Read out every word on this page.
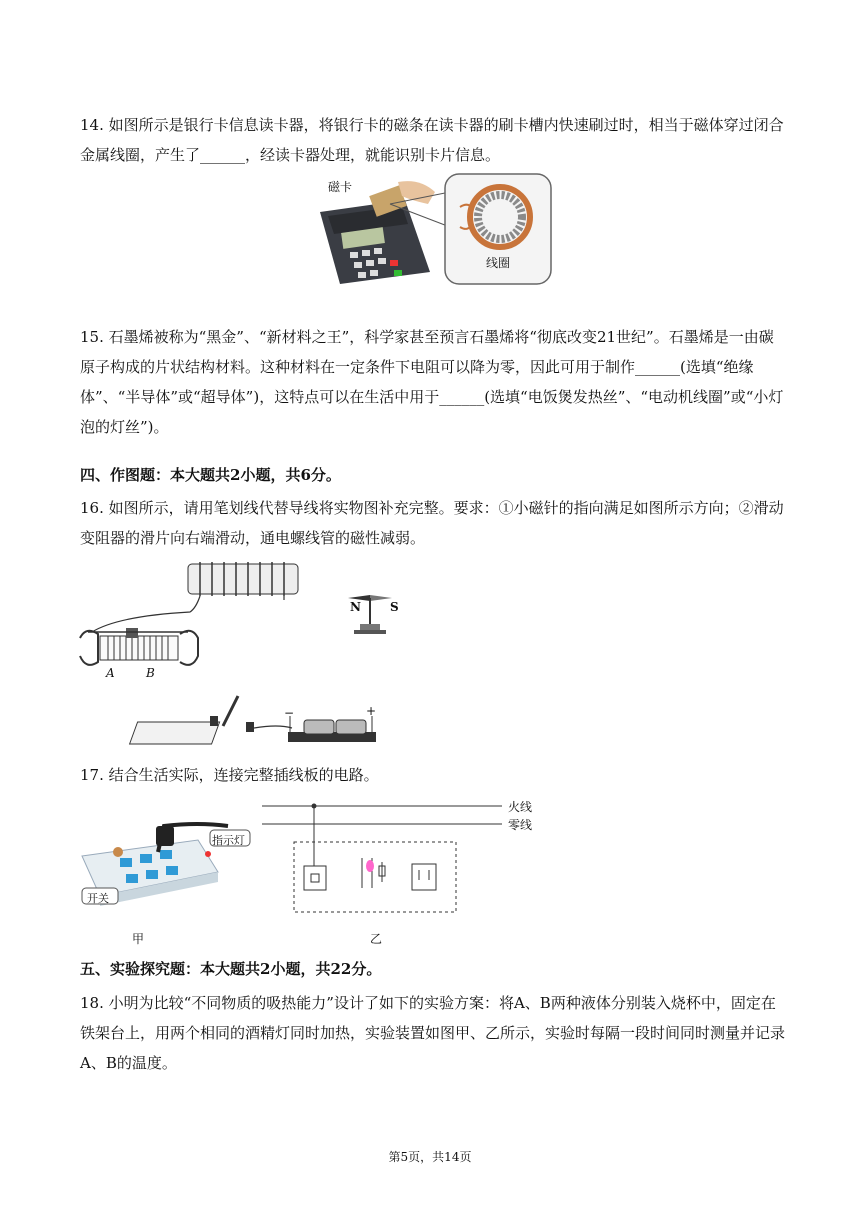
14. 如图所示是银行卡信息读卡器，将银行卡的磁条在读卡器的刷卡槽内快速刷过时，相当于磁体穿过闭合金属线圈，产生了______，经读卡器处理，就能识别卡片信息。

磁卡
线圈

15. 石墨烯被称为“黑金”、“新材料之王”，科学家甚至预言石墨烯将“彻底改变21世纪”。石墨烯是一由碳原子构成的片状结构材料。这种材料在一定条件下电阻可以降为零，因此可用于制作______(选填“绝缘体”、“半导体”或“超导体”)，这特点可以在生活中用于______(选填“电饭煲发热丝”、“电动机线圈”或“小灯泡的灯丝”)。

四、作图题：本大题共2小题，共6分。

16. 如图所示，请用笔划线代替导线将实物图补充完整。要求：①小磁针的指向满足如图所示方向；②滑动变阻器的滑片向右端滑动，通电螺线管的磁性减弱。

N S
A	B
−	+

17. 结合生活实际，连接完整插线板的电路。

火线
零线
指示灯
开关
甲	乙

五、实验探究题：本大题共2小题，共22分。

18. 小明为比较“不同物质的吸热能力”设计了如下的实验方案：将A、B两种液体分别装入烧杯中，固定在铁架台上，用两个相同的酒精灯同时加热，实验装置如图甲、乙所示，实验时每隔一段时间同时测量并记录A、B的温度。

第5页，共14页
